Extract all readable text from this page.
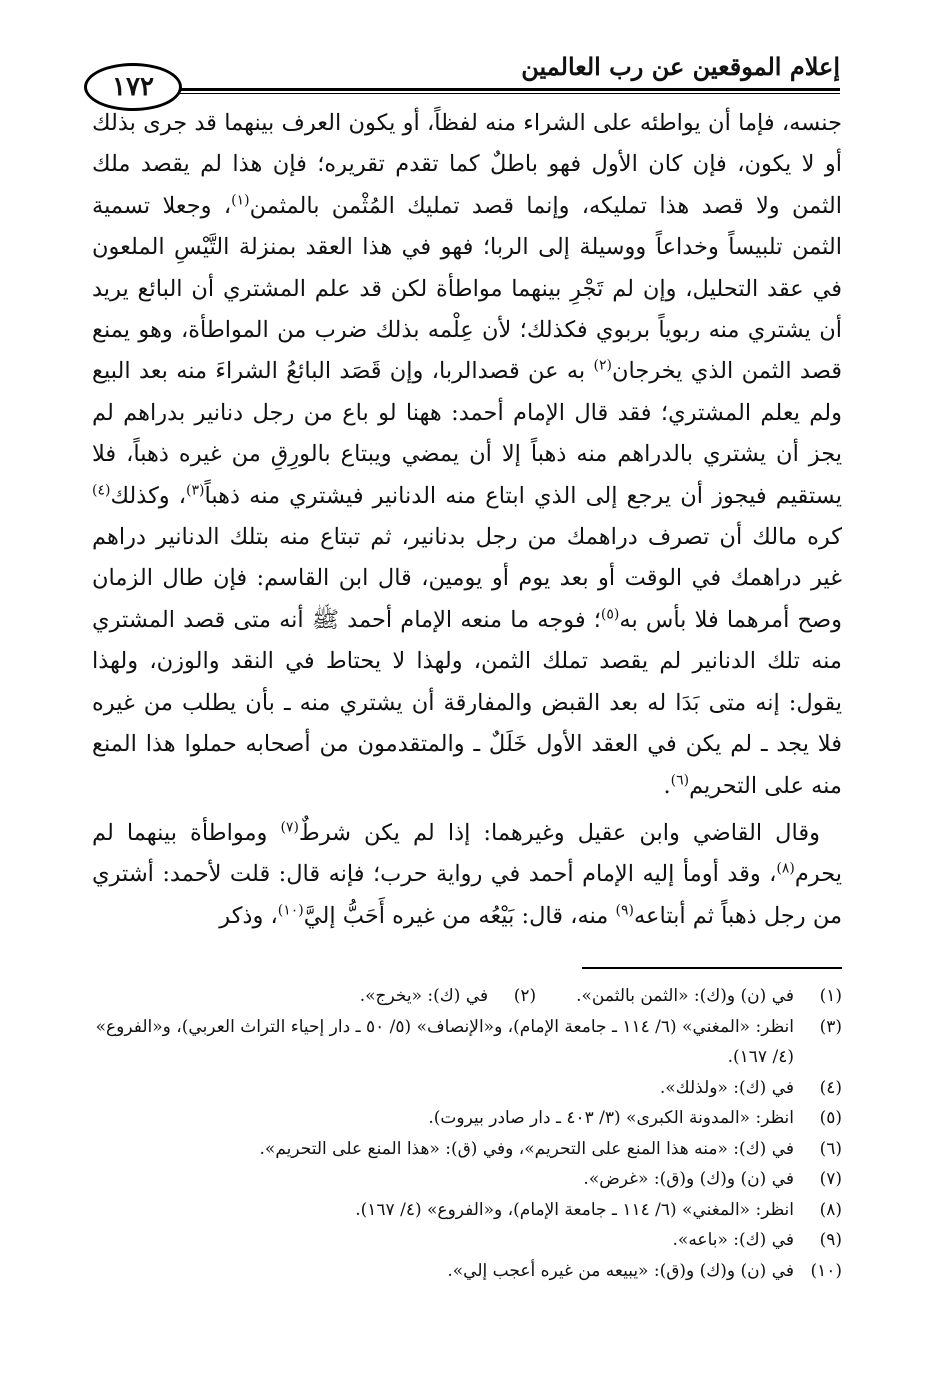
إعلام الموقعين عن رب العالمين
١٧٢

جنسه، فإما أن يواطئه على الشراء منه لفظاً، أو يكون العرف بينهما قد جرى بذلك أو لا يكون، فإن كان الأول فهو باطلٌ كما تقدم تقريره؛ فإن هذا لم يقصد ملك الثمن ولا قصد هذا تمليكه، وإنما قصد تمليك المُثْمن بالمثمن$^{(١)}$، وجعلا تسمية الثمن تلبيساً وخداعاً ووسيلة إلى الربا؛ فهو في هذا العقد بمنزلة التَّيْسِ الملعون في عقد التحليل، وإن لم تَجْرِ بينهما مواطأة لكن قد علم المشتري أن البائع يريد أن يشتري منه ربوياً بربوي فكذلك؛ لأن عِلْمه بذلك ضرب من المواطأة، وهو يمنع قصد الثمن الذي يخرجان$^{(٢)}$ به عن قصدالربا، وإن قَصَد البائعُ الشراءَ منه بعد البيع ولم يعلم المشتري؛ فقد قال الإمام أحمد: ههنا لو باع من رجل دنانير بدراهم لم يجز أن يشتري بالدراهم منه ذهباً إلا أن يمضي ويبتاع بالورِقِ من غيره ذهباً، فلا يستقيم فيجوز أن يرجع إلى الذي ابتاع منه الدنانير فيشتري منه ذهباً$^{(٣)}$، وكذلك$^{(٤)}$ كره مالك أن تصرف دراهمك من رجل بدنانير، ثم تبتاع منه بتلك الدنانير دراهم غير دراهمك في الوقت أو بعد يوم أو يومين، قال ابن القاسم: فإن طال الزمان وصح أمرهما فلا بأس به$^{(٥)}$؛ فوجه ما منعه الإمام أحمد ﷺ أنه متى قصد المشتري منه تلك الدنانير لم يقصد تملك الثمن، ولهذا لا يحتاط في النقد والوزن، ولهذا يقول: إنه متى بَدَا له بعد القبض والمفارقة أن يشتري منه ـ بأن يطلب من غيره فلا يجد ـ لم يكن في العقد الأول خَلَلٌ ـ والمتقدمون من أصحابه حملوا هذا المنع منه على التحريم$^{(٦)}$.

وقال القاضي وابن عقيل وغيرهما: إذا لم يكن شرطٌ$^{(٧)}$ ومواطأة بينهما لم يحرم$^{(٨)}$، وقد أومأ إليه الإمام أحمد في رواية حرب؛ فإنه قال: قلت لأحمد: أشتري من رجل ذهباً ثم أبتاعه$^{(٩)}$ منه، قال: بَيْعُه من غيره أَحَبُّ إليَّ$^{(١٠)}$، وذكر

(١)
في (ن) و(ك): «الثمن بالثمن».
(٢)
في (ك): «يخرج».
(٣)
انظر: «المغني» (٦/ ١١٤ ـ جامعة الإمام)، و«الإنصاف» (٥/ ٥٠ ـ دار إحياء التراث العربي)، و«الفروع» (٤/ ١٦٧).
(٤)
في (ك): «ولذلك».
(٥)
انظر: «المدونة الكبرى» (٣/ ٤٠٣ ـ دار صادر بيروت).
(٦)
في (ك): «منه هذا المنع على التحريم»، وفي (ق): «هذا المنع على التحريم».
(٧)
في (ن) و(ك) و(ق): «غرض».
(٨)
انظر: «المغني» (٦/ ١١٤ ـ جامعة الإمام)، و«الفروع» (٤/ ١٦٧).
(٩)
في (ك): «باعه».
(١٠)
في (ن) و(ك) و(ق): «يبيعه من غيره أعجب إلي».
